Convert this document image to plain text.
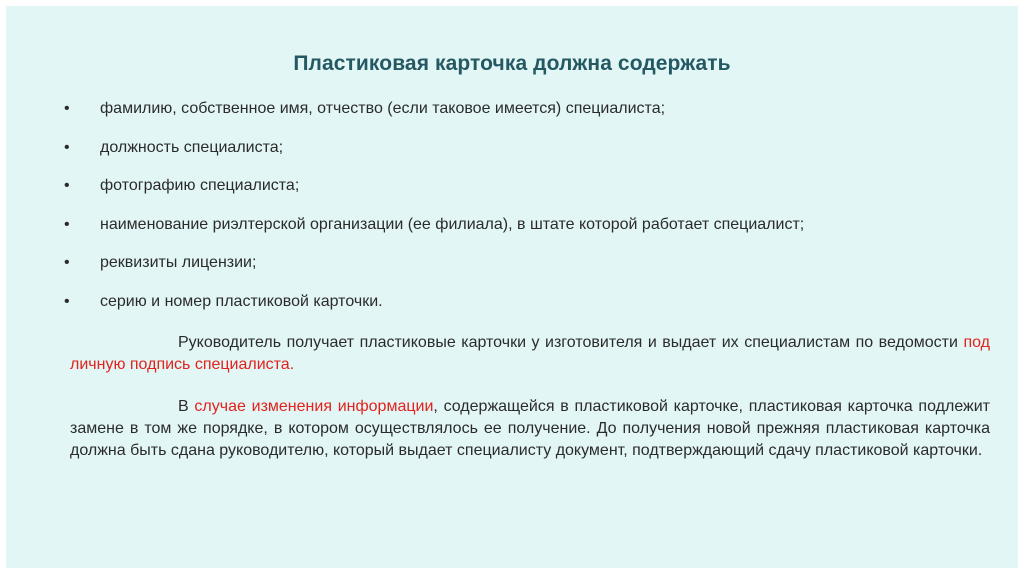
Пластиковая карточка должна содержать
• фамилию, собственное имя, отчество (если таковое имеется) специалиста;
• должность специалиста;
• фотографию специалиста;
• наименование риэлтерской организации (ее филиала), в штате которой работает специалист;
• реквизиты лицензии;
• серию и номер пластиковой карточки.

Руководитель получает пластиковые карточки у изготовителя и выдает их специалистам по ведомости под личную подпись специалиста.

В случае изменения информации, содержащейся в пластиковой карточке, пластиковая карточка подлежит замене в том же порядке, в котором осуществлялось ее получение. До получения новой прежняя пластиковая карточка должна быть сдана руководителю, который выдает специалисту документ, подтверждающий сдачу пластиковой карточки.
